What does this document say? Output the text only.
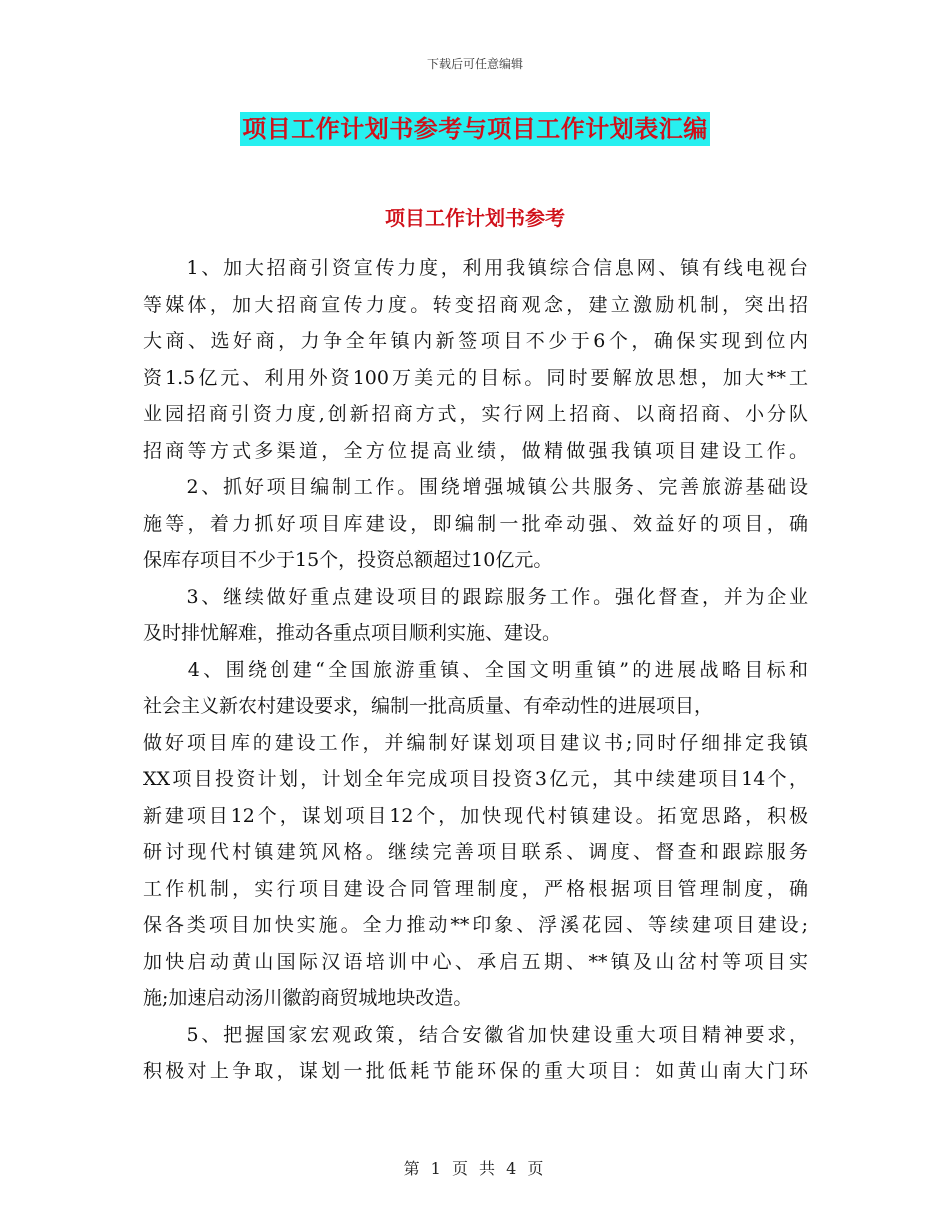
下载后可任意编辑
项目工作计划书参考与项目工作计划表汇编
项目工作计划书参考
　　1、加大招商引资宣传力度，利用我镇综合信息网、镇有线电视台
等媒体，加大招商宣传力度。转变招商观念，建立激励机制，突出招
大商、选好商，力争全年镇内新签项目不少于6个，确保实现到位内
资1.5亿元、利用外资100万美元的目标。同时要解放思想，加大**工
业园招商引资力度,创新招商方式，实行网上招商、以商招商、小分队
招商等方式多渠道，全方位提高业绩，做精做强我镇项目建设工作。
　　2、抓好项目编制工作。围绕增强城镇公共服务、完善旅游基础设
施等，着力抓好项目库建设，即编制一批牵动强、效益好的项目，确
保库存项目不少于15个，投资总额超过10亿元。
　　3、继续做好重点建设项目的跟踪服务工作。强化督查，并为企业
及时排忧解难，推动各重点项目顺利实施、建设。
　　4、围绕创建“全国旅游重镇、全国文明重镇”的进展战略目标和
社会主义新农村建设要求，编制一批高质量、有牵动性的进展项目，
做好项目库的建设工作，并编制好谋划项目建议书;同时仔细排定我镇
XX项目投资计划，计划全年完成项目投资3亿元，其中续建项目14个，
新建项目12个，谋划项目12个，加快现代村镇建设。拓宽思路，积极
研讨现代村镇建筑风格。继续完善项目联系、调度、督查和跟踪服务
工作机制，实行项目建设合同管理制度，严格根据项目管理制度，确
保各类项目加快实施。全力推动**印象、浮溪花园、等续建项目建设;
加快启动黄山国际汉语培训中心、承启五期、**镇及山岔村等项目实
施;加速启动汤川徽韵商贸城地块改造。
　　5、把握国家宏观政策，结合安徽省加快建设重大项目精神要求，
积极对上争取，谋划一批低耗节能环保的重大项目：如黄山南大门环
第 1 页 共 4 页
